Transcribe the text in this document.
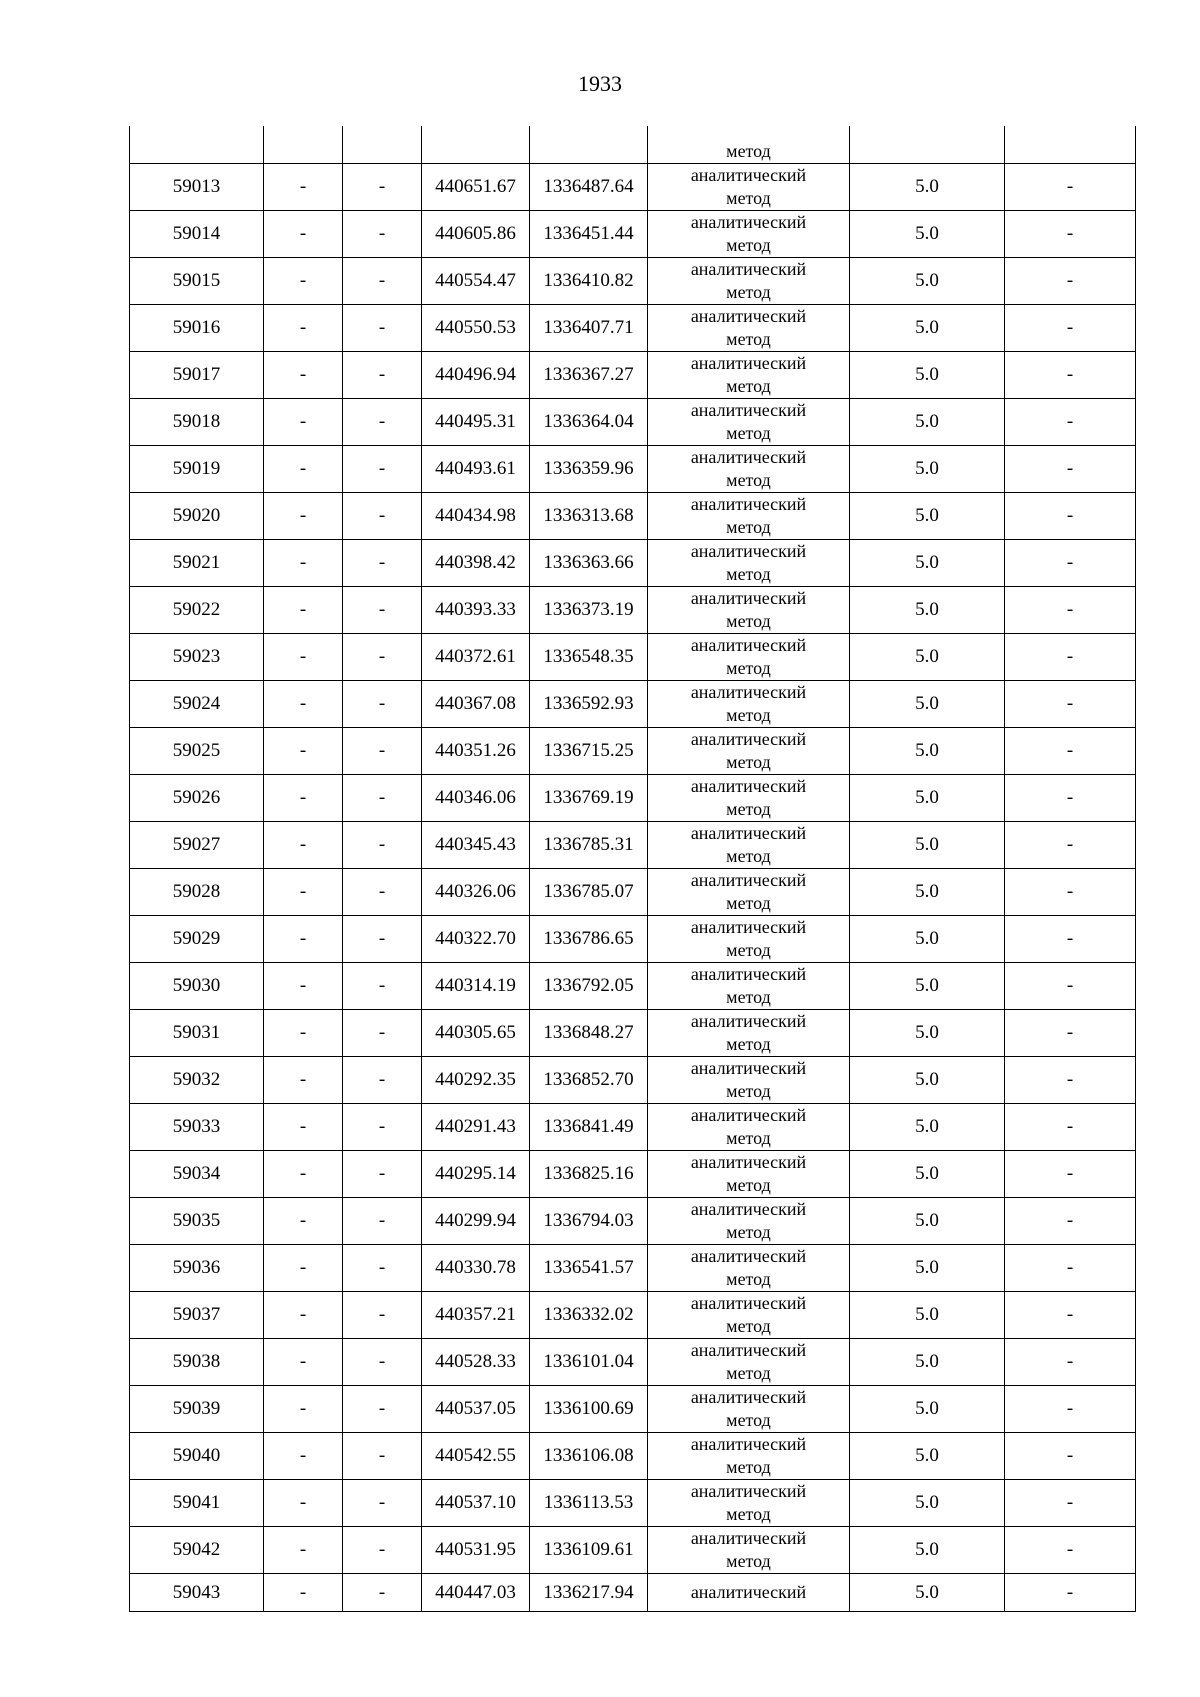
1933

					метод		

59013	-	-	440651.67	1336487.64	аналитический
метод	5.0	-
59014	-	-	440605.86	1336451.44	аналитический
метод	5.0	-
59015	-	-	440554.47	1336410.82	аналитический
метод	5.0	-
59016	-	-	440550.53	1336407.71	аналитический
метод	5.0	-
59017	-	-	440496.94	1336367.27	аналитический
метод	5.0	-
59018	-	-	440495.31	1336364.04	аналитический
метод	5.0	-
59019	-	-	440493.61	1336359.96	аналитический
метод	5.0	-
59020	-	-	440434.98	1336313.68	аналитический
метод	5.0	-
59021	-	-	440398.42	1336363.66	аналитический
метод	5.0	-
59022	-	-	440393.33	1336373.19	аналитический
метод	5.0	-
59023	-	-	440372.61	1336548.35	аналитический
метод	5.0	-
59024	-	-	440367.08	1336592.93	аналитический
метод	5.0	-
59025	-	-	440351.26	1336715.25	аналитический
метод	5.0	-
59026	-	-	440346.06	1336769.19	аналитический
метод	5.0	-
59027	-	-	440345.43	1336785.31	аналитический
метод	5.0	-
59028	-	-	440326.06	1336785.07	аналитический
метод	5.0	-
59029	-	-	440322.70	1336786.65	аналитический
метод	5.0	-
59030	-	-	440314.19	1336792.05	аналитический
метод	5.0	-
59031	-	-	440305.65	1336848.27	аналитический
метод	5.0	-
59032	-	-	440292.35	1336852.70	аналитический
метод	5.0	-
59033	-	-	440291.43	1336841.49	аналитический
метод	5.0	-
59034	-	-	440295.14	1336825.16	аналитический
метод	5.0	-
59035	-	-	440299.94	1336794.03	аналитический
метод	5.0	-
59036	-	-	440330.78	1336541.57	аналитический
метод	5.0	-
59037	-	-	440357.21	1336332.02	аналитический
метод	5.0	-
59038	-	-	440528.33	1336101.04	аналитический
метод	5.0	-
59039	-	-	440537.05	1336100.69	аналитический
метод	5.0	-
59040	-	-	440542.55	1336106.08	аналитический
метод	5.0	-
59041	-	-	440537.10	1336113.53	аналитический
метод	5.0	-
59042	-	-	440531.95	1336109.61	аналитический
метод	5.0	-
59043	-	-	440447.03	1336217.94	аналитический	5.0	-
